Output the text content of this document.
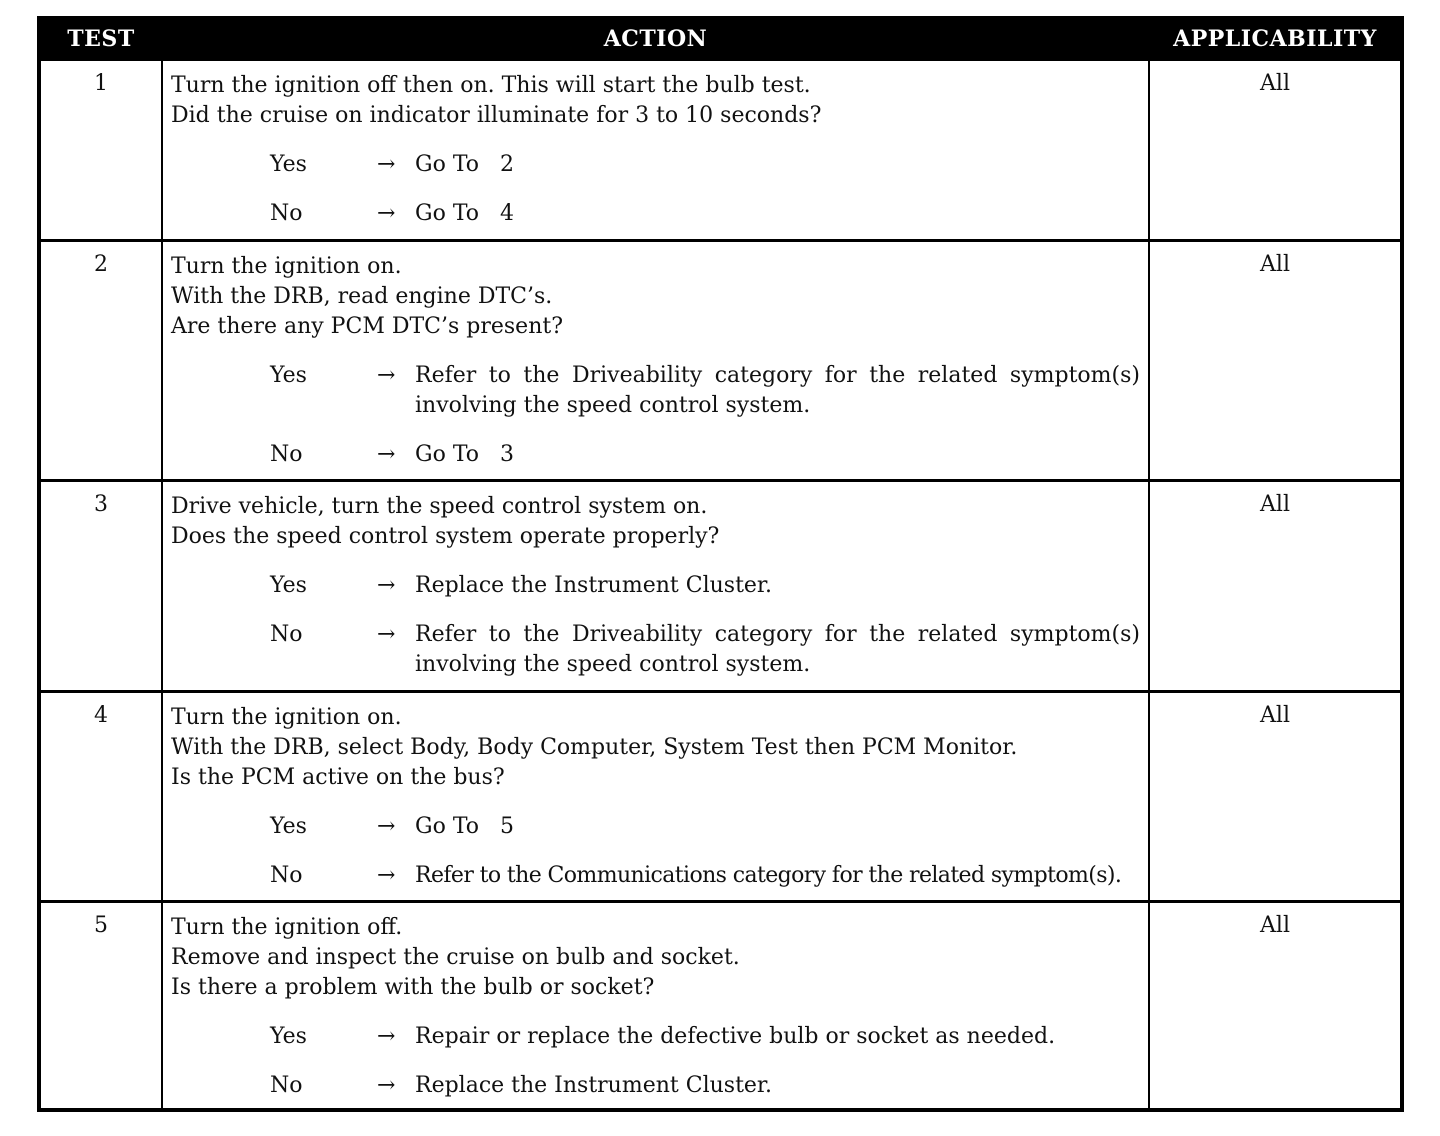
TEST	ACTION	APPLICABILITY
1	Turn the ignition off then on. This will start the bulb test.
Did the cruise on indicator illuminate for 3 to 10 seconds?
Yes	→ Go To   2
No	→ Go To   4
All
2	Turn the ignition on.
With the DRB, read engine DTC’s.
Are there any PCM DTC’s present?
Yes	→ Refer to the Driveability category for the related symptom(s) involving the speed control system.
No	→ Go To   3
All
3	Drive vehicle, turn the speed control system on.
Does the speed control system operate properly?
Yes	→ Replace the Instrument Cluster.
No	→ Refer to the Driveability category for the related symptom(s) involving the speed control system.
All
4	Turn the ignition on.
With the DRB, select Body, Body Computer, System Test then PCM Monitor.
Is the PCM active on the bus?
Yes	→ Go To   5
No	→ Refer to the Communications category for the related symptom(s).
All
5	Turn the ignition off.
Remove and inspect the cruise on bulb and socket.
Is there a problem with the bulb or socket?
Yes	→ Repair or replace the defective bulb or socket as needed.
No	→ Replace the Instrument Cluster.
All
